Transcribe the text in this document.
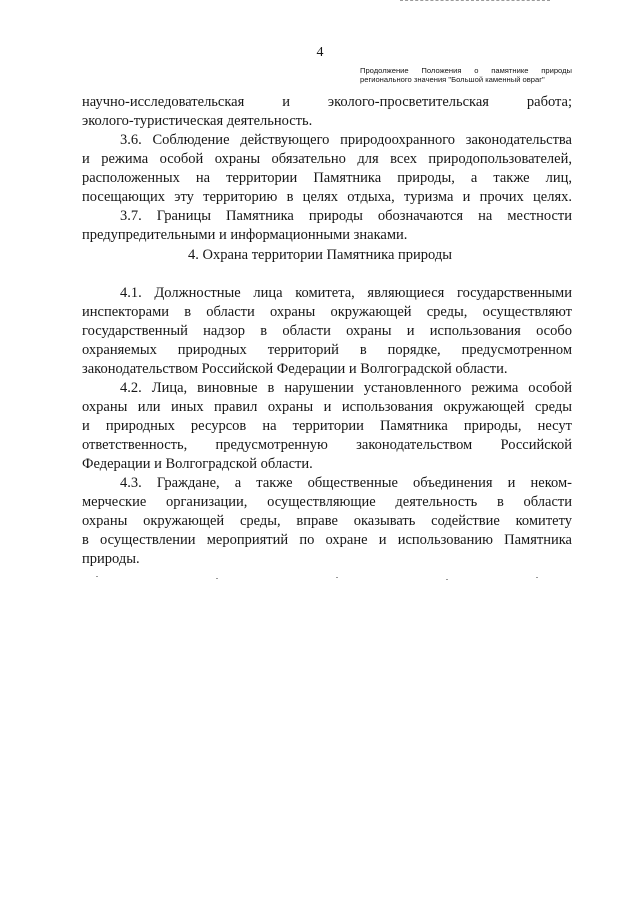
4
Продолжение Положения о памятнике природы
регионального значения "Большой каменный овраг"
научно-исследовательская и эколого-просветительская работа;
эколого-туристическая деятельность.
3.6. Соблюдение действующего природоохранного законодательства
и режима особой охраны обязательно для всех природопользователей,
расположенных на территории Памятника природы, а также лиц,
посещающих эту территорию в целях отдыха, туризма и прочих целях.
3.7. Границы Памятника природы обозначаются на местности
предупредительными и информационными знаками.
4. Охрана территории Памятника природы
4.1. Должностные лица комитета, являющиеся государственными
инспекторами в области охраны окружающей среды, осуществляют
государственный надзор в области охраны и использования особо
охраняемых природных территорий в порядке, предусмотренном
законодательством Российской Федерации и Волгоградской области.
4.2. Лица, виновные в нарушении установленного режима особой
охраны или иных правил охраны и использования окружающей среды
и природных ресурсов на территории Памятника природы, несут
ответственность, предусмотренную законодательством Российской
Федерации и Волгоградской области.
4.3. Граждане, а также общественные объединения и неком-
мерческие организации, осуществляющие деятельность в области
охраны окружающей среды, вправе оказывать содействие комитету
в осуществлении мероприятий по охране и использованию Памятника
природы.
